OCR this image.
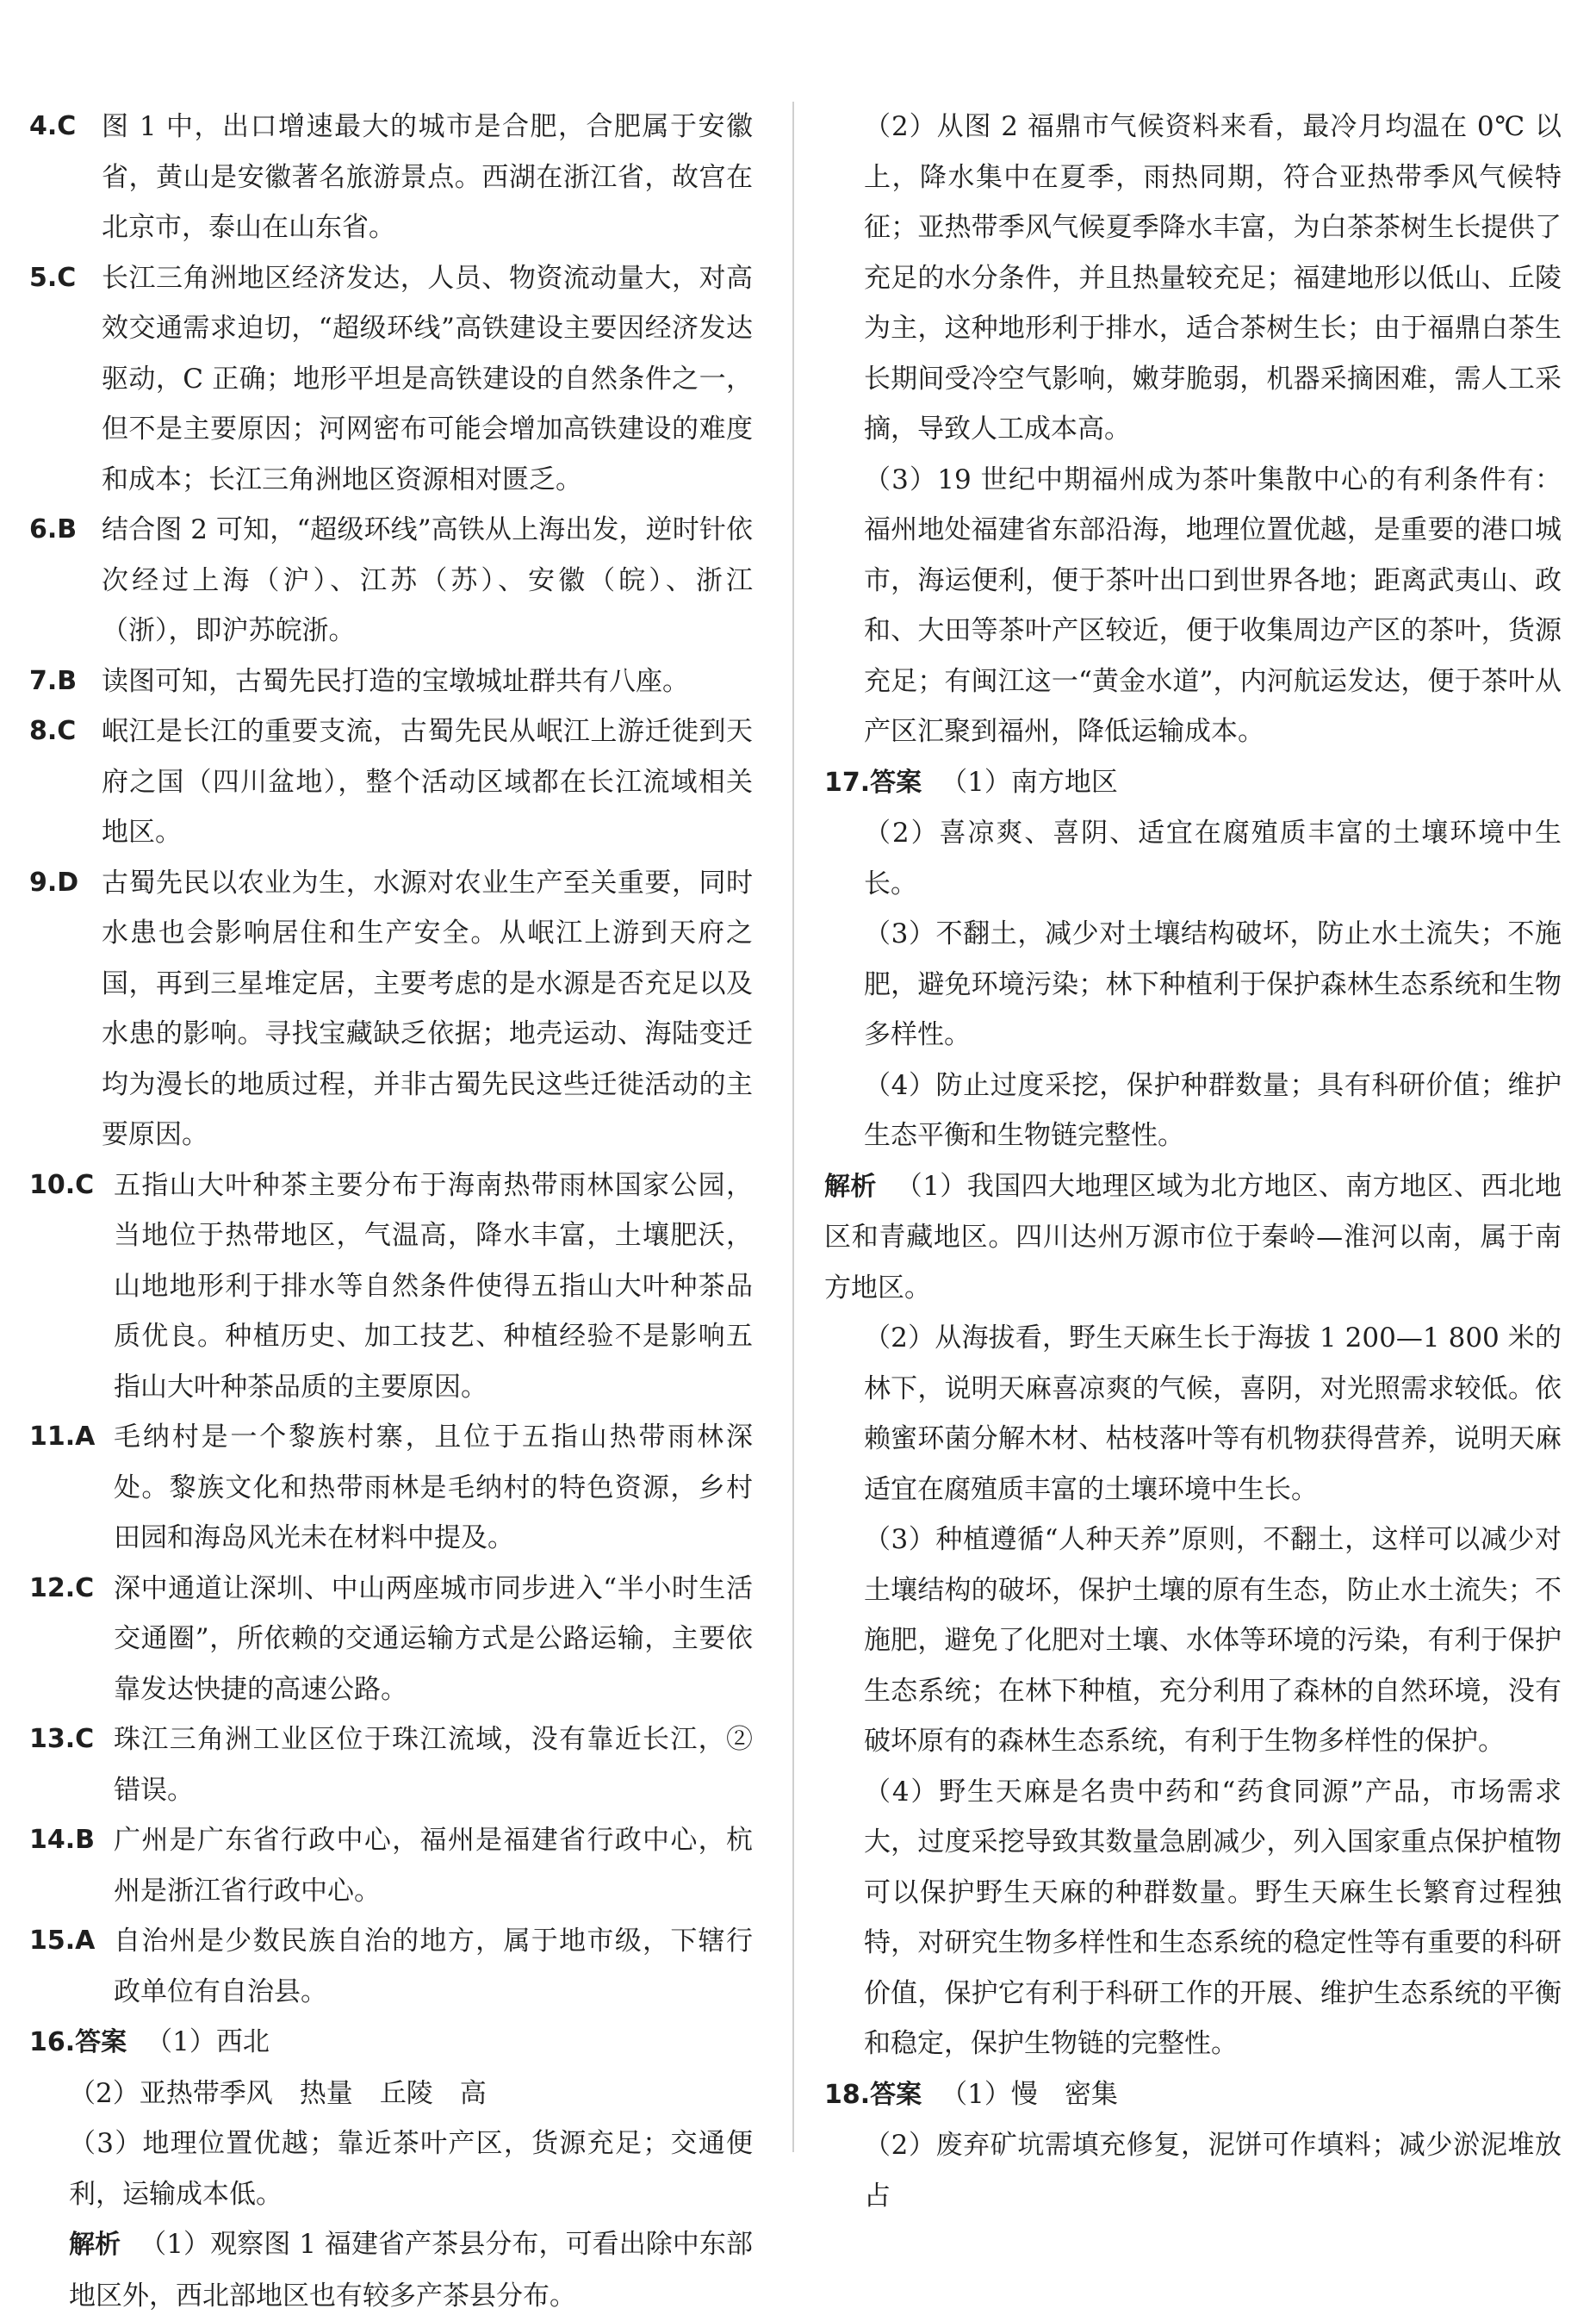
4.C 图 1 中，出口增速最大的城市是合肥，合肥属于安徽省，黄山是安徽著名旅游景点。西湖在浙江省，故宫在北京市，泰山在山东省。
5.C 长江三角洲地区经济发达，人员、物资流动量大，对高效交通需求迫切，“超级环线”高铁建设主要因经济发达驱动，C 正确；地形平坦是高铁建设的自然条件之一，但不是主要原因；河网密布可能会增加高铁建设的难度和成本；长江三角洲地区资源相对匮乏。
6.B 结合图 2 可知，“超级环线”高铁从上海出发，逆时针依次经过上海（沪）、江苏（苏）、安徽（皖）、浙江（浙），即沪苏皖浙。
7.B 读图可知，古蜀先民打造的宝墩城址群共有八座。
8.C 岷江是长江的重要支流，古蜀先民从岷江上游迁徙到天府之国（四川盆地），整个活动区域都在长江流域相关地区。
9.D 古蜀先民以农业为生，水源对农业生产至关重要，同时水患也会影响居住和生产安全。从岷江上游到天府之国，再到三星堆定居，主要考虑的是水源是否充足以及水患的影响。寻找宝藏缺乏依据；地壳运动、海陆变迁均为漫长的地质过程，并非古蜀先民这些迁徙活动的主要原因。
10.C 五指山大叶种茶主要分布于海南热带雨林国家公园，当地位于热带地区，气温高，降水丰富，土壤肥沃，山地地形利于排水等自然条件使得五指山大叶种茶品质优良。种植历史、加工技艺、种植经验不是影响五指山大叶种茶品质的主要原因。
11.A 毛纳村是一个黎族村寨，且位于五指山热带雨林深处。黎族文化和热带雨林是毛纳村的特色资源，乡村田园和海岛风光未在材料中提及。
12.C 深中通道让深圳、中山两座城市同步进入“半小时生活交通圈”，所依赖的交通运输方式是公路运输，主要依靠发达快捷的高速公路。
13.C 珠江三角洲工业区位于珠江流域，没有靠近长江，②错误。
14.B 广州是广东省行政中心，福州是福建省行政中心，杭州是浙江省行政中心。
15.A 自治州是少数民族自治的地方，属于地市级，下辖行政单位有自治县。
16.答案 （1）西北
（2）亚热带季风　热量　丘陵　高
（3）地理位置优越；靠近茶叶产区，货源充足；交通便利，运输成本低。
解析 （1）观察图 1 福建省产茶县分布，可看出除中东部地区外，西北部地区也有较多产茶县分布。
（2）从图 2 福鼎市气候资料来看，最冷月均温在 0℃ 以上，降水集中在夏季，雨热同期，符合亚热带季风气候特征；亚热带季风气候夏季降水丰富，为白茶茶树生长提供了充足的水分条件，并且热量较充足；福建地形以低山、丘陵为主，这种地形利于排水，适合茶树生长；由于福鼎白茶生长期间受冷空气影响，嫩芽脆弱，机器采摘困难，需人工采摘，导致人工成本高。
（3）19 世纪中期福州成为茶叶集散中心的有利条件有：福州地处福建省东部沿海，地理位置优越，是重要的港口城市，海运便利，便于茶叶出口到世界各地；距离武夷山、政和、大田等茶叶产区较近，便于收集周边产区的茶叶，货源充足；有闽江这一“黄金水道”，内河航运发达，便于茶叶从产区汇聚到福州，降低运输成本。
17.答案 （1）南方地区
（2）喜凉爽、喜阴、适宜在腐殖质丰富的土壤环境中生长。
（3）不翻土，减少对土壤结构破坏，防止水土流失；不施肥，避免环境污染；林下种植利于保护森林生态系统和生物多样性。
（4）防止过度采挖，保护种群数量；具有科研价值；维护生态平衡和生物链完整性。
解析 （1）我国四大地理区域为北方地区、南方地区、西北地区和青藏地区。四川达州万源市位于秦岭—淮河以南，属于南方地区。
（2）从海拔看，野生天麻生长于海拔 1 200—1 800 米的林下，说明天麻喜凉爽的气候，喜阴，对光照需求较低。依赖蜜环菌分解木材、枯枝落叶等有机物获得营养，说明天麻适宜在腐殖质丰富的土壤环境中生长。
（3）种植遵循“人种天养”原则，不翻土，这样可以减少对土壤结构的破坏，保护土壤的原有生态，防止水土流失；不施肥，避免了化肥对土壤、水体等环境的污染，有利于保护生态系统；在林下种植，充分利用了森林的自然环境，没有破坏原有的森林生态系统，有利于生物多样性的保护。
（4）野生天麻是名贵中药和“药食同源”产品，市场需求大，过度采挖导致其数量急剧减少，列入国家重点保护植物可以保护野生天麻的种群数量。野生天麻生长繁育过程独特，对研究生物多样性和生态系统的稳定性等有重要的科研价值，保护它有利于科研工作的开展、维护生态系统的平衡和稳定，保护生物链的完整性。
18.答案 （1）慢　密集
（2）废弃矿坑需填充修复，泥饼可作填料；减少淤泥堆放占
